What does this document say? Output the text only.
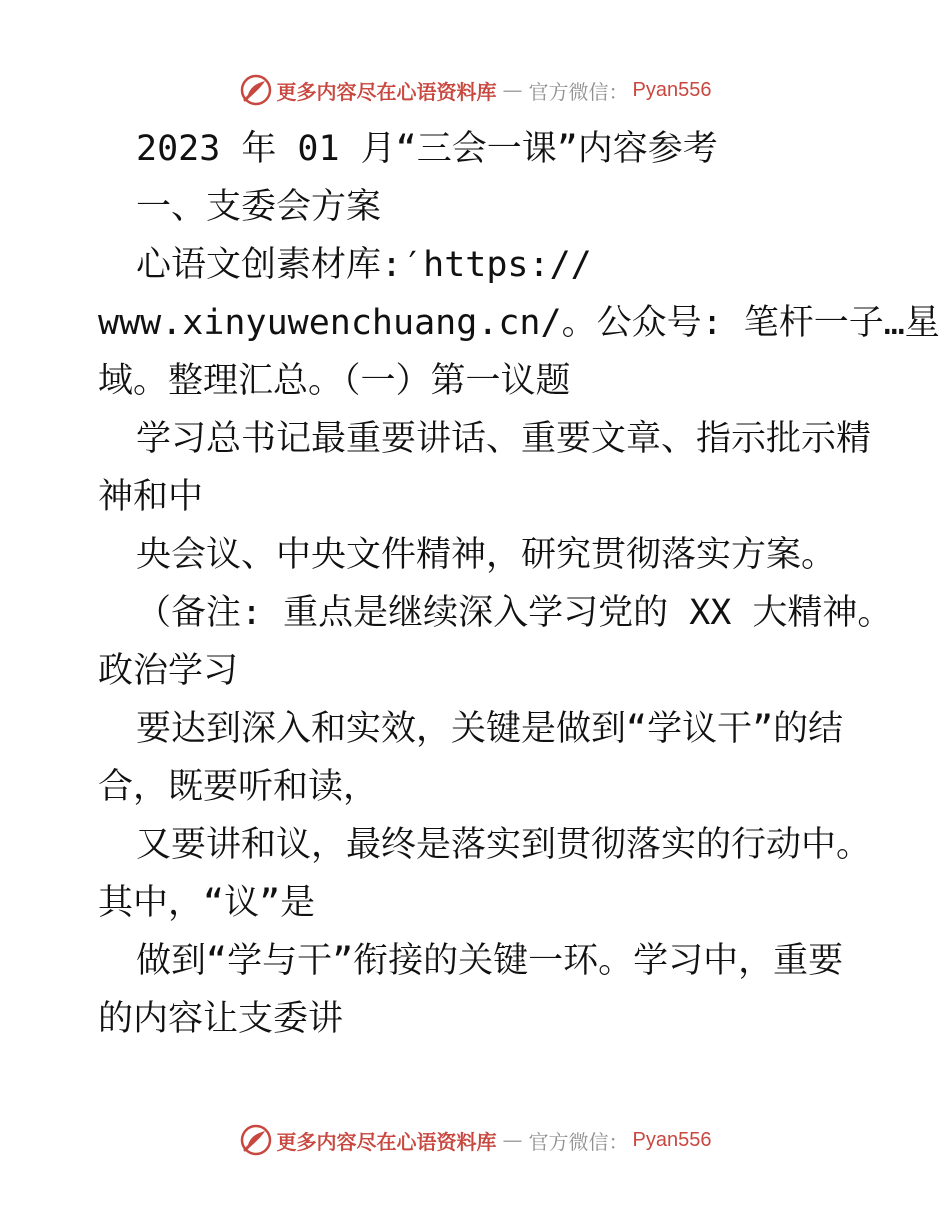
更多内容尽在心语资料库 — 官方微信： Pyan556

2023 年 01 月“三会一课”内容参考

一、支委会方案

心语文创素材库:′https://

www.xinyuwenchuang.cn/。公众号: 笔杆一子…星

域。整理汇总。（一）第一议题

学习总书记最重要讲话、重要文章、指示批示精

神和中

央会议、中央文件精神，研究贯彻落实方案。

（备注: 重点是继续深入学习党的 XX 大精神。

政治学习

要达到深入和实效，关键是做到“学议干”的结

合，既要听和读，

又要讲和议，最终是落实到贯彻落实的行动中。

其中，“议”是

做到“学与干”衔接的关键一环。学习中，重要

的内容让支委讲

更多内容尽在心语资料库 — 官方微信： Pyan556
